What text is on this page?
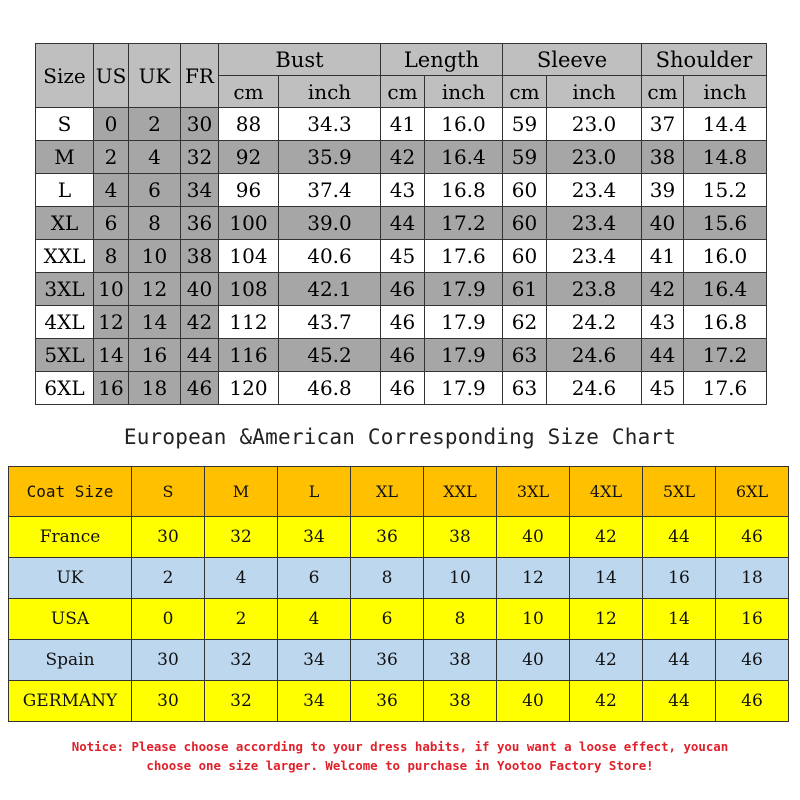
Size	US	UK	FR	Bust		Length		Sleeve		Shoulder	
				cm	inch	cm	inch	cm	inch	cm	inch
S	0	2	30	88	34.3	41	16.0	59	23.0	37	14.4
M	2	4	32	92	35.9	42	16.4	59	23.0	38	14.8
L	4	6	34	96	37.4	43	16.8	60	23.4	39	15.2
XL	6	8	36	100	39.0	44	17.2	60	23.4	40	15.6
XXL	8	10	38	104	40.6	45	17.6	60	23.4	41	16.0
3XL	10	12	40	108	42.1	46	17.9	61	23.8	42	16.4
4XL	12	14	42	112	43.7	46	17.9	62	24.2	43	16.8
5XL	14	16	44	116	45.2	46	17.9	63	24.6	44	17.2
6XL	16	18	46	120	46.8	46	17.9	63	24.6	45	17.6
European &American Corresponding Size Chart
Coat Size	S	M	L	XL	XXL	3XL	4XL	5XL	6XL
France	30	32	34	36	38	40	42	44	46
UK	2	4	6	8	10	12	14	16	18
USA	0	2	4	6	8	10	12	14	16
Spain	30	32	34	36	38	40	42	44	46
GERMANY	30	32	34	36	38	40	42	44	46
Notice: Please choose according to your dress habits, if you want a loose effect, youcan
choose one size larger. Welcome to purchase in Yootoo Factory Store!
